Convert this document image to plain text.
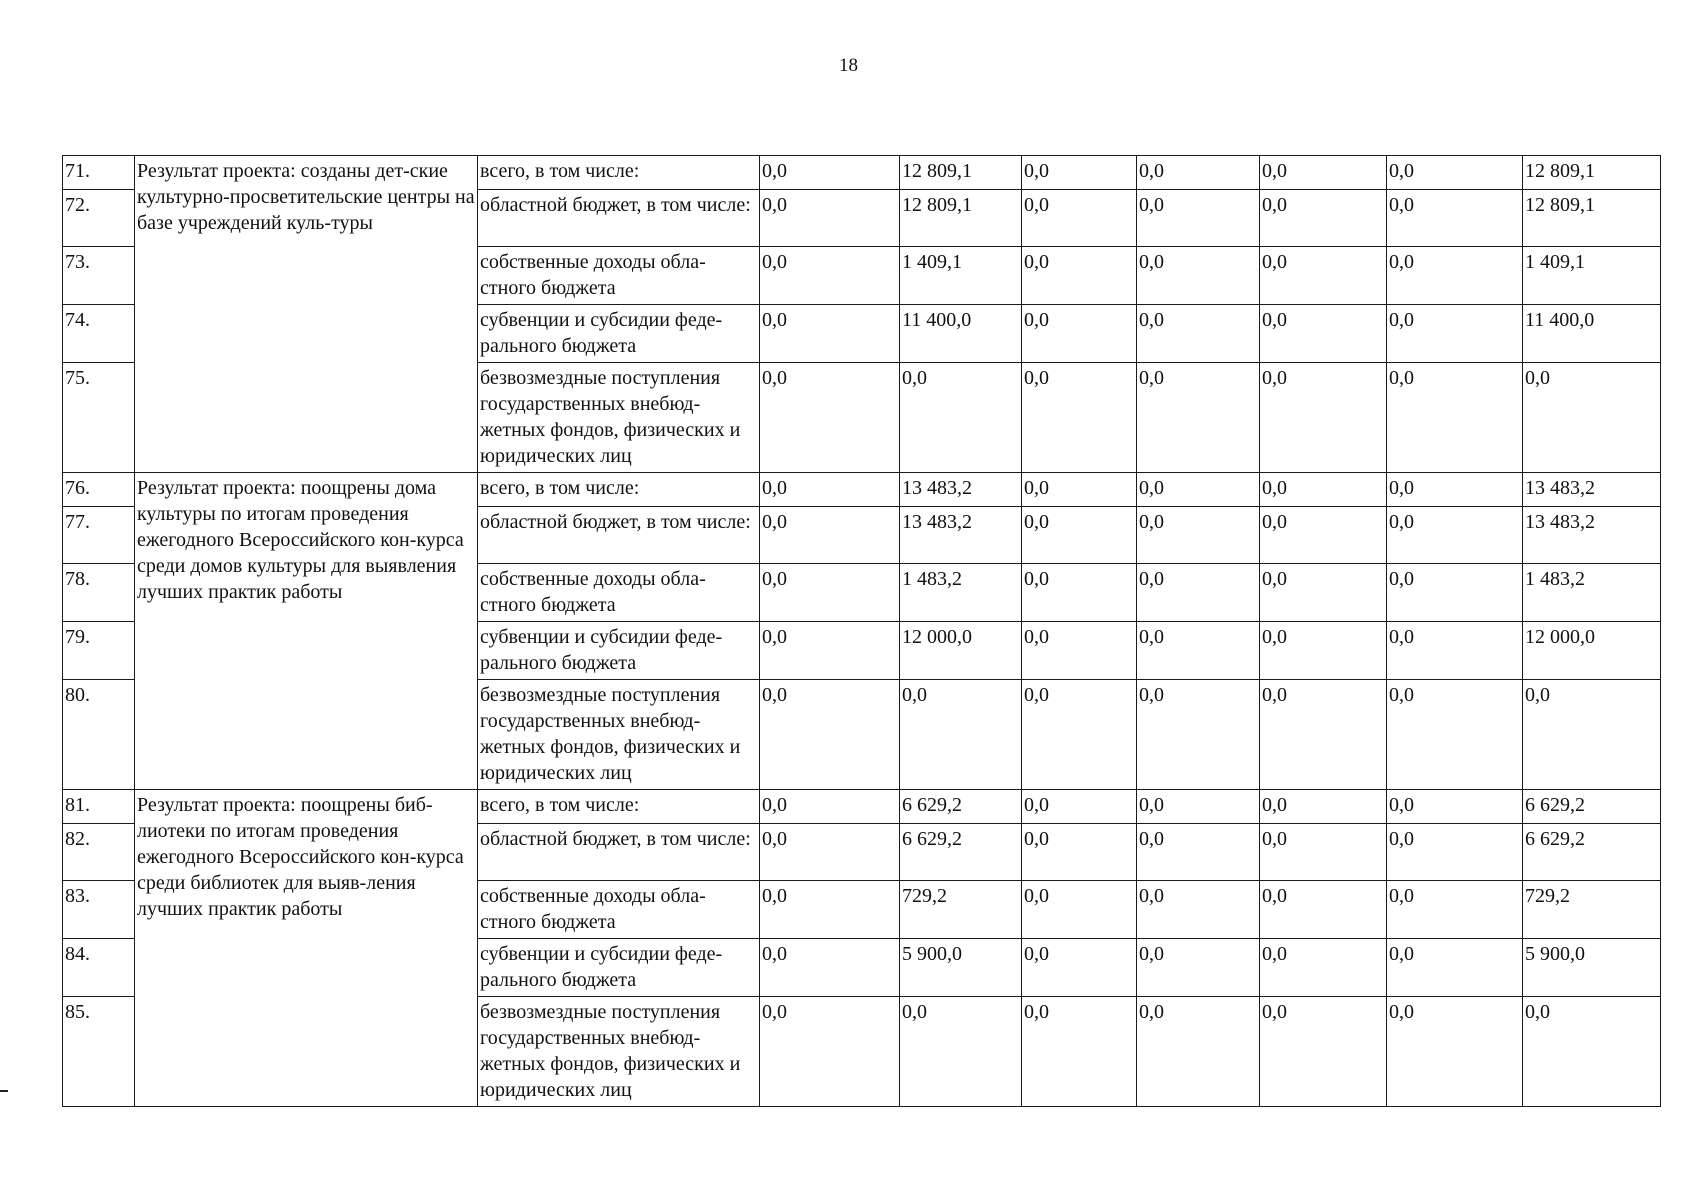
18
71.	Результат проекта: созданы дет-ские культурно-просветительские центры на базе учреждений куль-туры	всего, в том числе:	0,0	12 809,1	0,0	0,0	0,0	0,0	12 809,1
72.		областной бюджет, в том числе:	0,0	12 809,1	0,0	0,0	0,0	0,0	12 809,1
73.		собственные доходы обла-стного бюджета	0,0	1 409,1	0,0	0,0	0,0	0,0	1 409,1
74.		субвенции и субсидии феде-рального бюджета	0,0	11 400,0	0,0	0,0	0,0	0,0	11 400,0
75.		безвозмездные поступления государственных внебюд-жетных фондов, физических и юридических лиц	0,0	0,0	0,0	0,0	0,0	0,0	0,0
76.	Результат проекта: поощрены дома культуры по итогам проведения ежегодного Всероссийского кон-курса среди домов культуры для выявления лучших практик работы	всего, в том числе:	0,0	13 483,2	0,0	0,0	0,0	0,0	13 483,2
77.		областной бюджет, в том числе:	0,0	13 483,2	0,0	0,0	0,0	0,0	13 483,2
78.		собственные доходы обла-стного бюджета	0,0	1 483,2	0,0	0,0	0,0	0,0	1 483,2
79.		субвенции и субсидии феде-рального бюджета	0,0	12 000,0	0,0	0,0	0,0	0,0	12 000,0
80.		безвозмездные поступления государственных внебюд-жетных фондов, физических и юридических лиц	0,0	0,0	0,0	0,0	0,0	0,0	0,0
81.	Результат проекта: поощрены биб-лиотеки по итогам проведения ежегодного Всероссийского кон-курса среди библиотек для выяв-ления лучших практик работы	всего, в том числе:	0,0	6 629,2	0,0	0,0	0,0	0,0	6 629,2
82.		областной бюджет, в том числе:	0,0	6 629,2	0,0	0,0	0,0	0,0	6 629,2
83.		собственные доходы обла-стного бюджета	0,0	729,2	0,0	0,0	0,0	0,0	729,2
84.		субвенции и субсидии феде-рального бюджета	0,0	5 900,0	0,0	0,0	0,0	0,0	5 900,0
85.		безвозмездные поступления государственных внебюд-жетных фондов, физических и юридических лиц	0,0	0,0	0,0	0,0	0,0	0,0	0,0
